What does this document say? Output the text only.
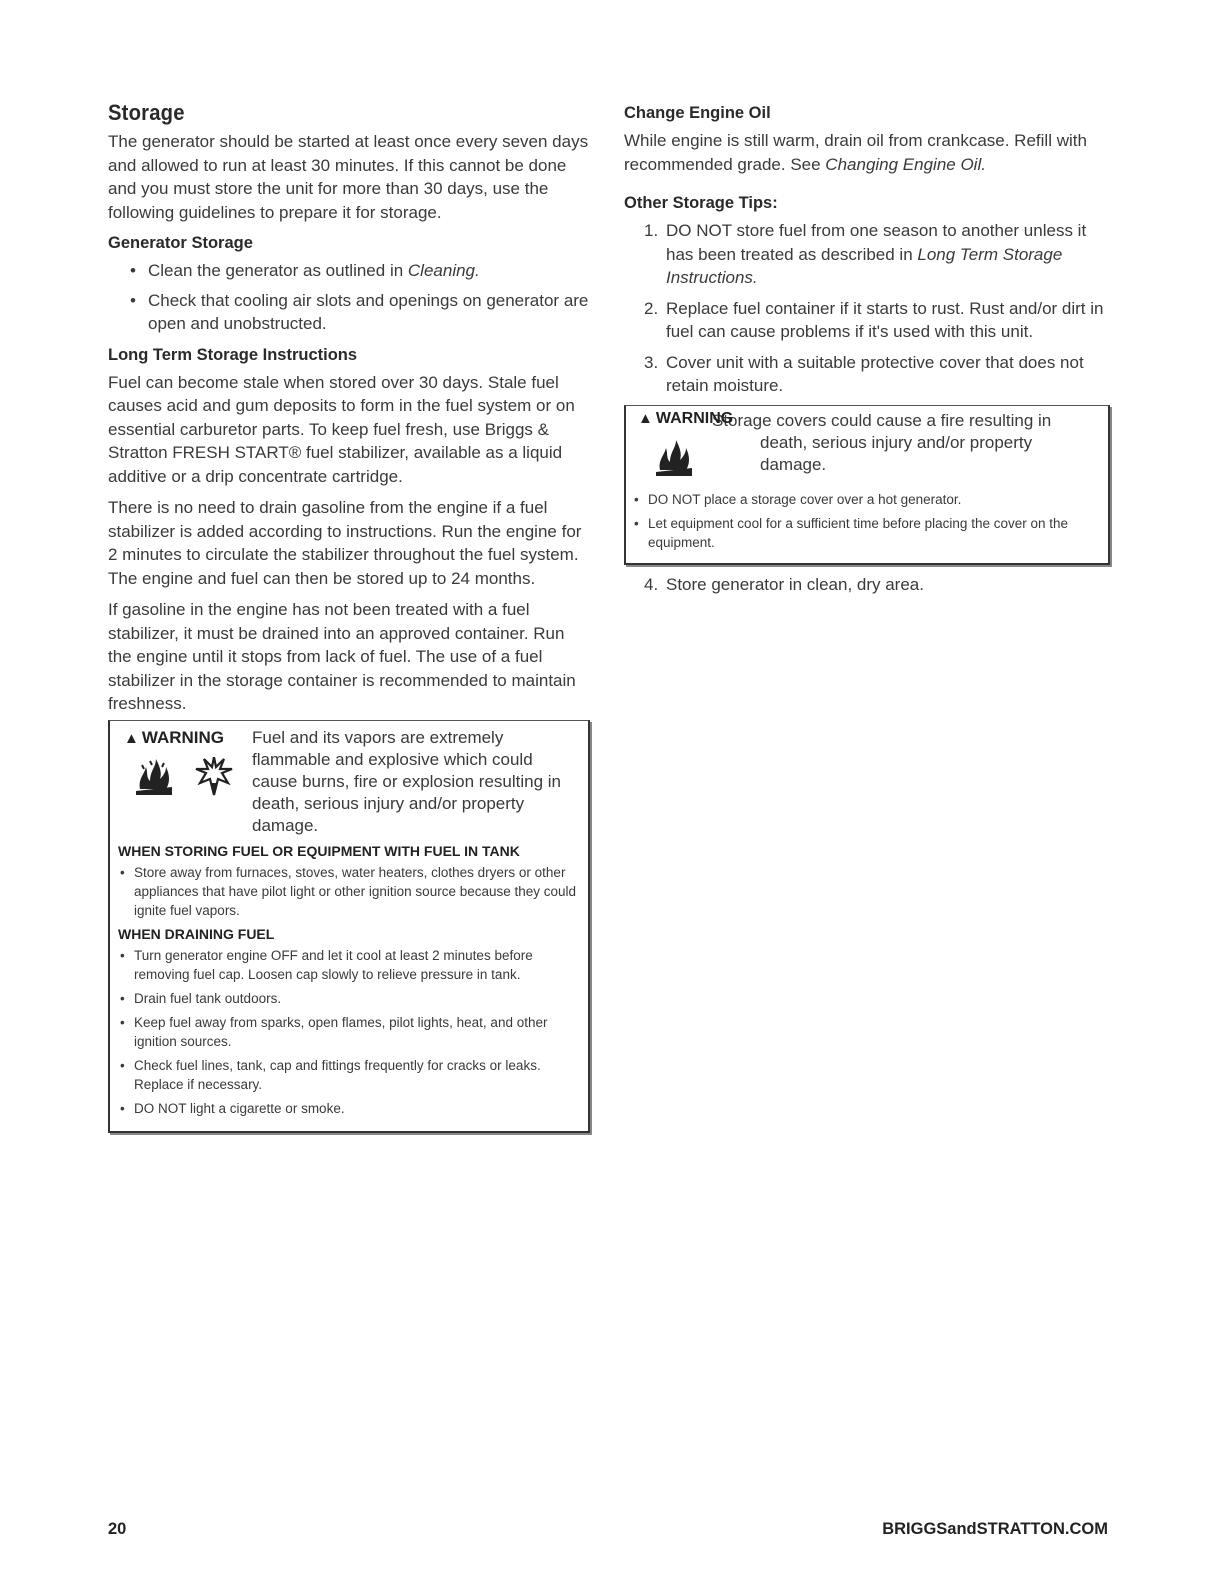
Storage

The generator should be started at least once every seven days and allowed to run at least 30 minutes. If this cannot be done and you must store the unit for more than 30 days, use the following guidelines to prepare it for storage.

Generator Storage
• Clean the generator as outlined in Cleaning.
• Check that cooling air slots and openings on generator are open and unobstructed.
Long Term Storage Instructions

Fuel can become stale when stored over 30 days. Stale fuel causes acid and gum deposits to form in the fuel system or on essential carburetor parts. To keep fuel fresh, use Briggs & Stratton FRESH START® fuel stabilizer, available as a liquid additive or a drip concentrate cartridge.

There is no need to drain gasoline from the engine if a fuel stabilizer is added according to instructions. Run the engine for 2 minutes to circulate the stabilizer throughout the fuel system. The engine and fuel can then be stored up to 24 months.

If gasoline in the engine has not been treated with a fuel stabilizer, it must be drained into an approved container. Run the engine until it stops from lack of fuel. The use of a fuel stabilizer in the storage container is recommended to maintain freshness.

▲ WARNING	Fuel and its vapors are extremely flammable and explosive which could cause burns, fire or explosion resulting in death, serious injury and/or property damage.
WHEN STORING FUEL OR EQUIPMENT WITH FUEL IN TANK
• Store away from furnaces, stoves, water heaters, clothes dryers or other appliances that have pilot light or other ignition source because they could ignite fuel vapors.
WHEN DRAINING FUEL
• Turn generator engine OFF and let it cool at least 2 minutes before removing fuel cap. Loosen cap slowly to relieve pressure in tank.
• Drain fuel tank outdoors.
• Keep fuel away from sparks, open flames, pilot lights, heat, and other ignition sources.
• Check fuel lines, tank, cap and fittings frequently for cracks or leaks. Replace if necessary.
• DO NOT light a cigarette or smoke.
Change Engine Oil

While engine is still warm, drain oil from crankcase. Refill with recommended grade. See Changing Engine Oil.

Other Storage Tips:
1. DO NOT store fuel from one season to another unless it has been treated as described in Long Term Storage Instructions.
2. Replace fuel container if it starts to rust. Rust and/or dirt in fuel can cause problems if it's used with this unit.
3. Cover unit with a suitable protective cover that does not retain moisture.
▲ WARNING
Storage covers could cause a fire resulting in death, serious injury and/or property damage.
• DO NOT place a storage cover over a hot generator.
• Let equipment cool for a sufficient time before placing the cover on the equipment.
4. Store generator in clean, dry area.
20	BRIGGSandSTRATTON.COM
